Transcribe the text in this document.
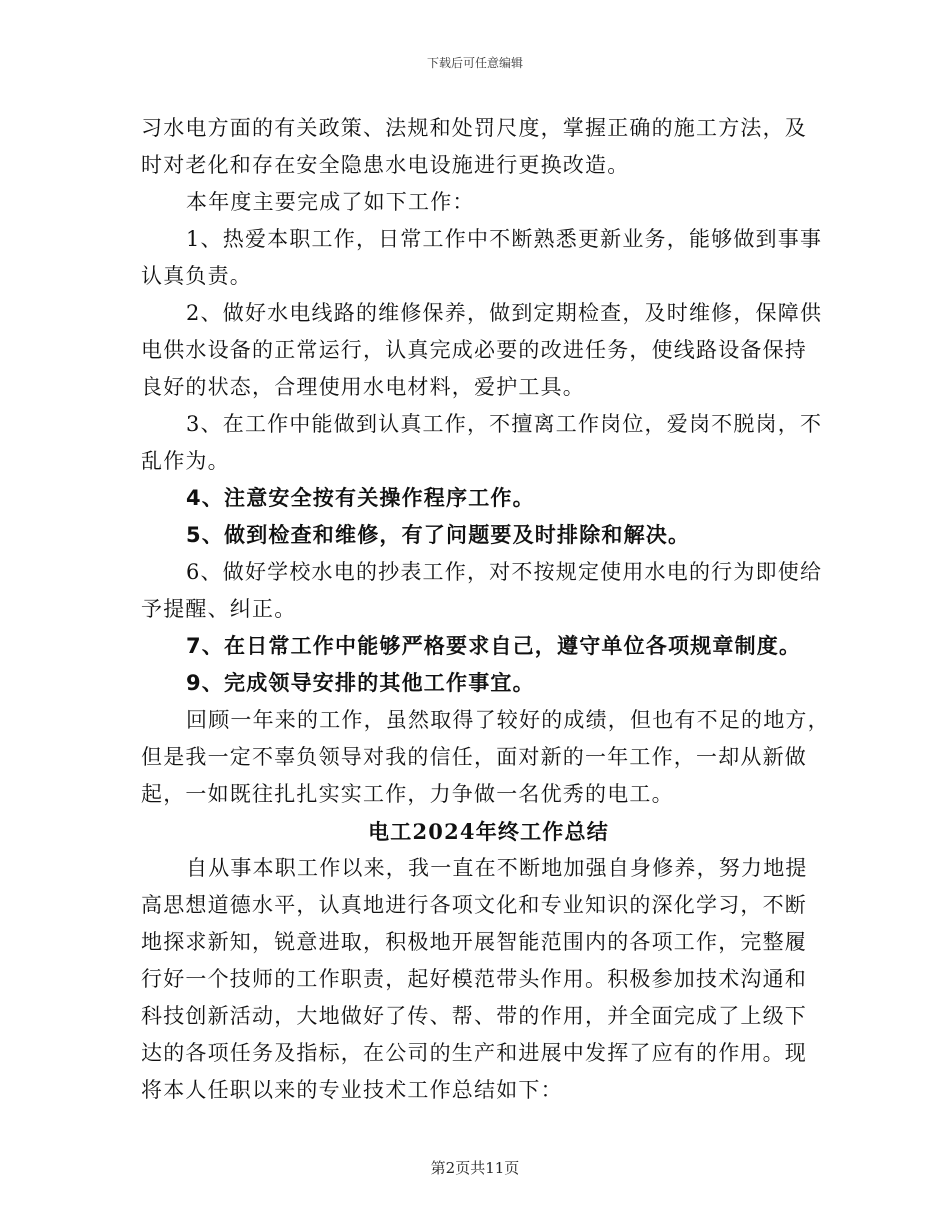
下载后可任意编辑
习水电方面的有关政策、法规和处罚尺度，掌握正确的施工方法，及
时对老化和存在安全隐患水电设施进行更换改造。
本年度主要完成了如下工作：
1、热爱本职工作，日常工作中不断熟悉更新业务，能够做到事事
认真负责。
2、做好水电线路的维修保养，做到定期检查，及时维修，保障供
电供水设备的正常运行，认真完成必要的改进任务，使线路设备保持
良好的状态，合理使用水电材料，爱护工具。
3、在工作中能做到认真工作，不擅离工作岗位，爱岗不脱岗，不
乱作为。
4、注意安全按有关操作程序工作。
5、做到检查和维修，有了问题要及时排除和解决。
6、做好学校水电的抄表工作，对不按规定使用水电的行为即使给
予提醒、纠正。
7、在日常工作中能够严格要求自己，遵守单位各项规章制度。
9、完成领导安排的其他工作事宜。
回顾一年来的工作，虽然取得了较好的成绩，但也有不足的地方，
但是我一定不辜负领导对我的信任，面对新的一年工作，一却从新做
起，一如既往扎扎实实工作，力争做一名优秀的电工。
电工2024年终工作总结
自从事本职工作以来，我一直在不断地加强自身修养，努力地提
高思想道德水平，认真地进行各项文化和专业知识的深化学习，不断
地探求新知，锐意进取，积极地开展智能范围内的各项工作，完整履
行好一个技师的工作职责，起好模范带头作用。积极参加技术沟通和
科技创新活动，大地做好了传、帮、带的作用，并全面完成了上级下
达的各项任务及指标，在公司的生产和进展中发挥了应有的作用。现
将本人任职以来的专业技术工作总结如下：
第2页共11页
